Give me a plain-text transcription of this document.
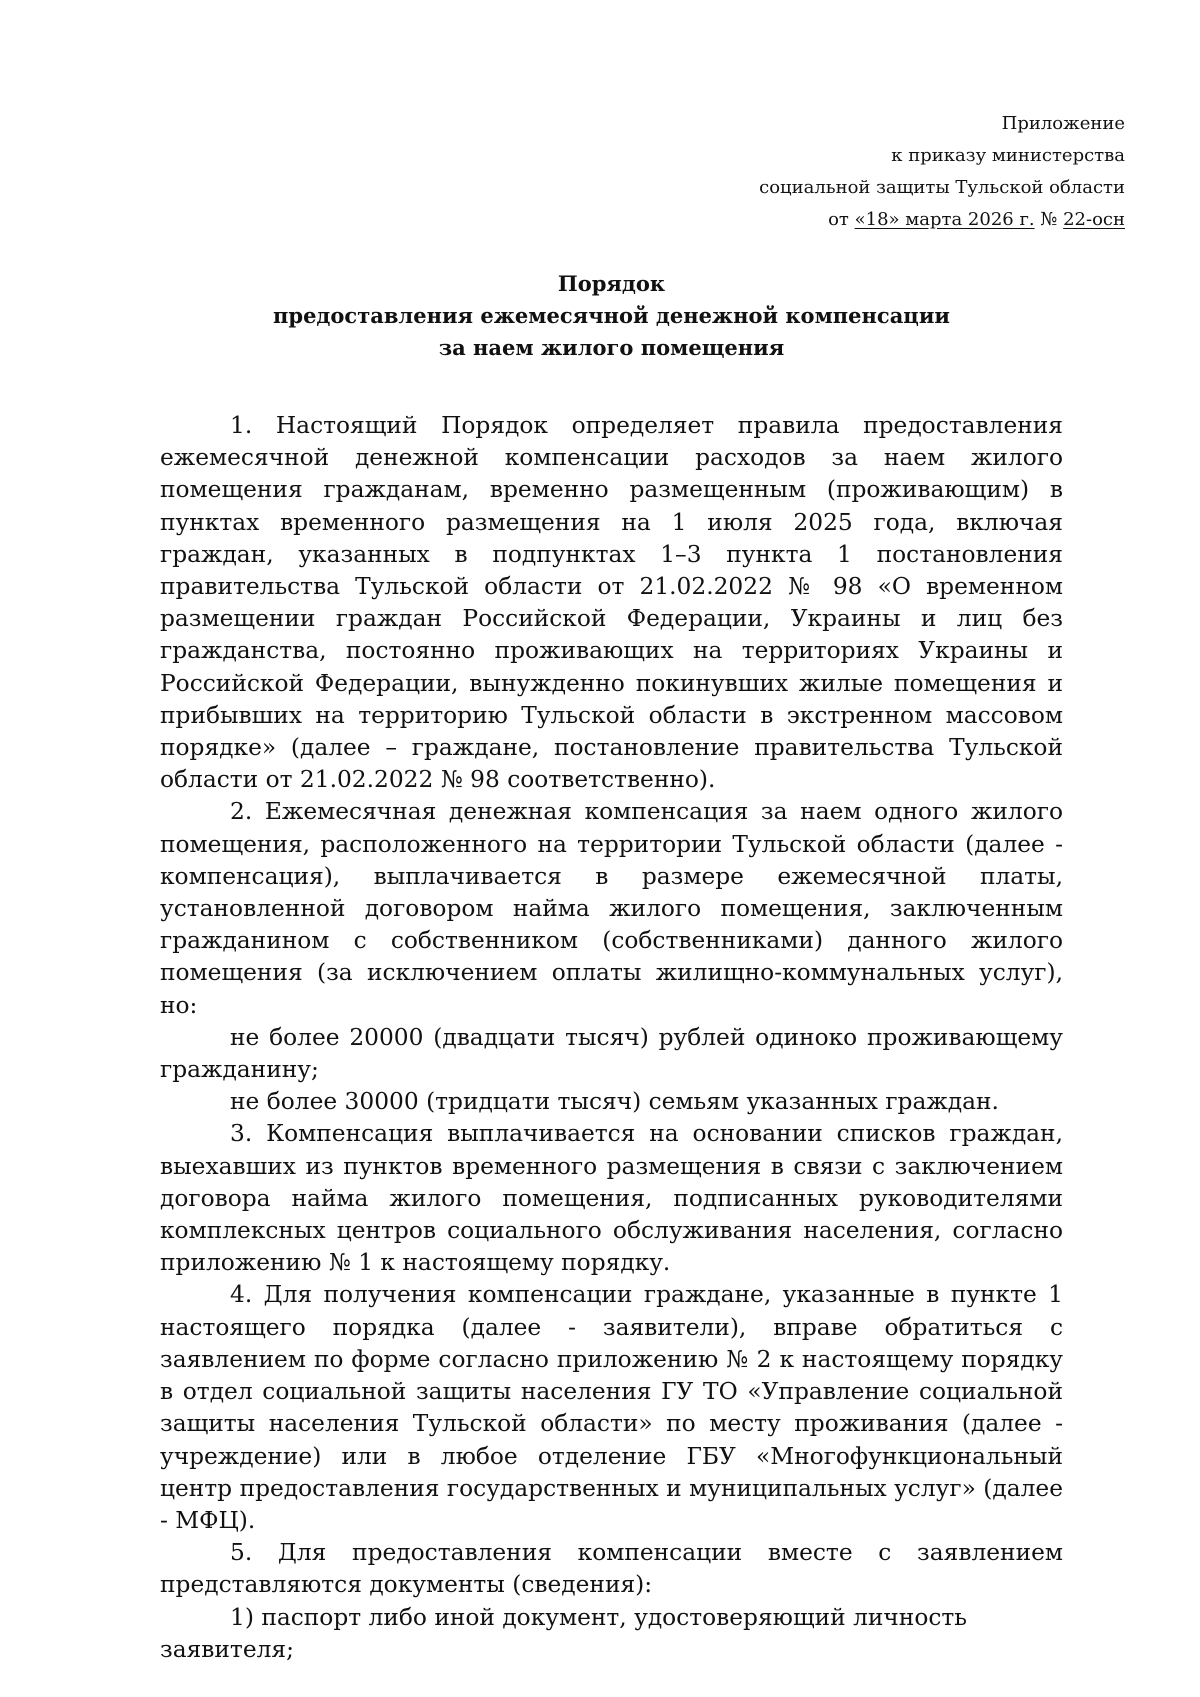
Приложение
к приказу министерства
социальной защиты Тульской области
от «18» марта 2026 г. № 22-осн
Порядок
предоставления ежемесячной денежной компенсации
за наем жилого помещения

1. Настоящий Порядок определяет правила предоставления ежемесячной денежной компенсации расходов за наем жилого помещения гражданам, временно размещенным (проживающим) в пунктах временного размещения на 1 июля 2025 года, включая граждан, указанных в подпунктах 1–3 пункта 1 постановления правительства Тульской области от 21.02.2022 № 98 «О временном размещении граждан Российской Федерации, Украины и лиц без гражданства, постоянно проживающих на территориях Украины и Российской Федерации, вынужденно покинувших жилые помещения и прибывших на территорию Тульской области в экстренном массовом порядке» (далее – граждане, постановление правительства Тульской области от 21.02.2022 № 98 соответственно).

2. Ежемесячная денежная компенсация за наем одного жилого помещения, расположенного на территории Тульской области (далее - компенсация), выплачивается в размере ежемесячной платы, установленной договором найма жилого помещения, заключенным гражданином с собственником (собственниками) данного жилого помещения (за исключением оплаты жилищно-коммунальных услуг), но:

не более 20000 (двадцати тысяч) рублей одиноко проживающему гражданину;

не более 30000 (тридцати тысяч) семьям указанных граждан.

3. Компенсация выплачивается на основании списков граждан, выехавших из пунктов временного размещения в связи с заключением договора найма жилого помещения, подписанных руководителями комплексных центров социального обслуживания населения, согласно приложению № 1 к настоящему порядку.

4. Для получения компенсации граждане, указанные в пункте 1 настоящего порядка (далее - заявители), вправе обратиться с заявлением по форме согласно приложению № 2 к настоящему порядку в отдел социальной защиты населения ГУ ТО «Управление социальной защиты населения Тульской области» по месту проживания (далее - учреждение) или в любое отделение ГБУ «Многофункциональный центр предоставления государственных и муниципальных услуг» (далее - МФЦ).

5. Для предоставления компенсации вместе с заявлением представляются документы (сведения):

1) паспорт либо иной документ, удостоверяющий личность заявителя;
